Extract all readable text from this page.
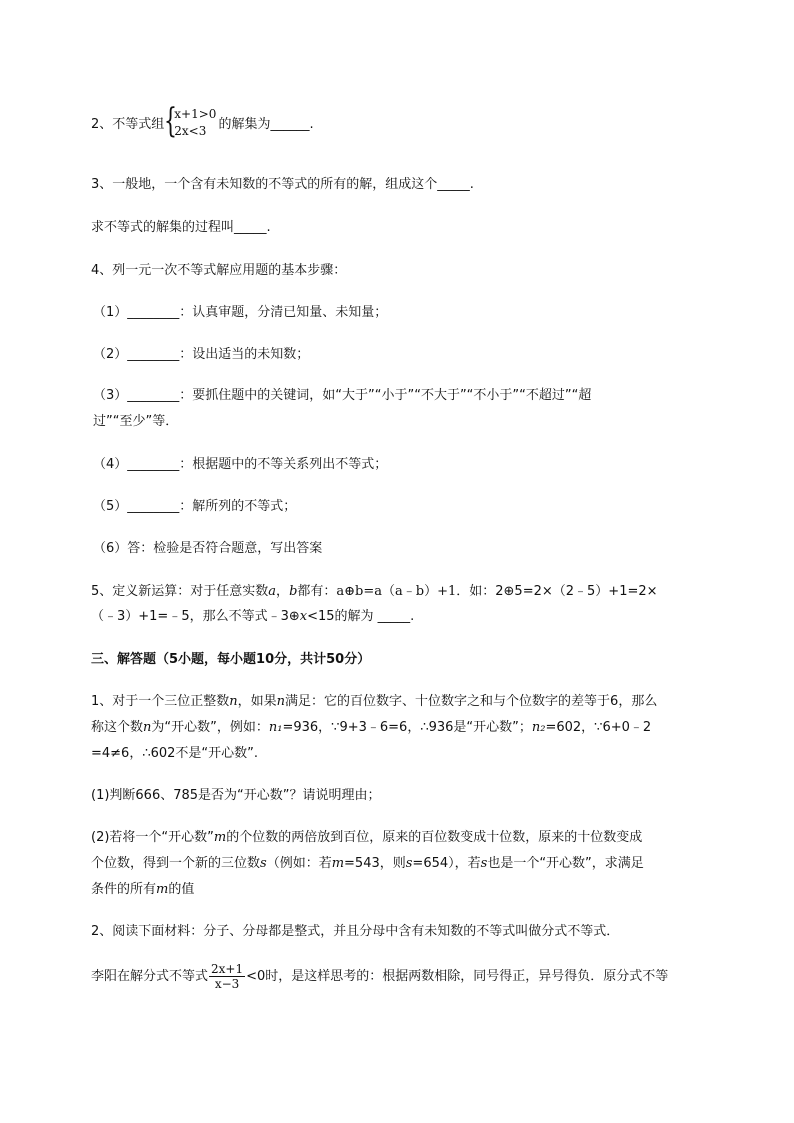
2、不等式组 {
x+1>0
2x<3 的解集为______.
3、一般地，一个含有未知数的不等式的所有的解，组成这个_____.
求不等式的解集的过程叫_____.
4、列一元一次不等式解应用题的基本步骤：
（1）________：认真审题，分清已知量、未知量；
（2）________：设出适当的未知数；
（3）________：要抓住题中的关键词，如“大于”“小于”“不大于”“不小于”“不超过”“超
过”“至少”等．
（4）________：根据题中的不等关系列出不等式；
（5）________：解所列的不等式；
（6）答：检验是否符合题意，写出答案
5、定义新运算：对于任意实数a，b都有：a⊕b=a（a﹣b）+1．如：2⊕5=2×（2﹣5）+1=2×
（﹣3）+1=﹣5，那么不等式﹣3⊕x<15的解为 _____.
三、解答题（5小题，每小题10分，共计50分）
1、对于一个三位正整数n，如果n满足：它的百位数字、十位数字之和与个位数字的差等于6，那么
称这个数n为“开心数”，例如：n₁=936，∵9+3﹣6=6，∴936是“开心数”；n₂=602，∵6+0﹣2
=4≠6，∴602不是“开心数”.
(1)判断666、785是否为“开心数”？请说明理由；
(2)若将一个“开心数”m的个位数的两倍放到百位，原来的百位数变成十位数，原来的十位数变成
个位数，得到一个新的三位数s（例如：若m=543，则s=654），若s也是一个“开心数”，求满足
条件的所有m的值
2、阅读下面材料：分子、分母都是整式，并且分母中含有未知数的不等式叫做分式不等式．
李阳在解分式不等式 $\frac{2x+1}{x-3} <0$时，是这样思考的：根据两数相除，同号得正，异号得负．原分式不等
